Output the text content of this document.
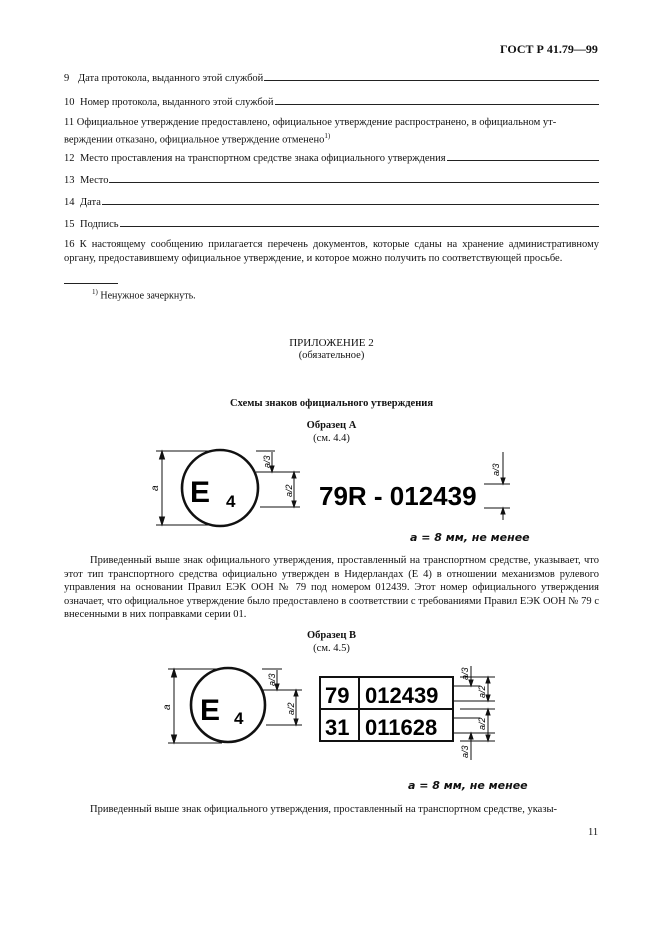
ГОСТ Р 41.79—99
9 Дата протокола, выданного этой службой
10 Номер протокола, выданного этой службой
11 Официальное утверждение предоставлено, официальное утверждение распространено, в официальном ут-
верждении отказано, официальное утверждение отменено$^{1)}$
12 Место проставления на транспортном средстве знака официального утверждения
13 Место
14 Дата
15 Подпись
16 К настоящему сообщению прилагается перечень документов, которые сданы на хранение административному органу, предоставившему официальное утверждение, и которое можно получить по соответствующей просьбе.
$^{1)}$ Ненужное зачеркнуть.
ПРИЛОЖЕНИЕ 2
(обязательное)
Схемы знаков официального утверждения
Образец А
(см. 4.4)
a E 4
a/3
a/2 79R - 012439
a/3
a = 8 мм, не менее
Приведенный выше знак официального утверждения, проставленный на транспортном средстве, указывает, что этот тип транспортного средства официально утвержден в Нидерландах (Е 4) в отношении механизмов рулевого управления на основании Правил ЕЭК ООН № 79 под номером 012439. Этот номер официального утверждения означает, что официальное утверждение было предоставлено в соответствии с требованиями Правил ЕЭК ООН № 79 с внесенными в них поправками серии 01.
Образец B
(см. 4.5)
a E 4
a/3
a/2
79 012439
31 011628
a/3
a/2
a/2
a/3
a = 8 мм, не менее
Приведенный выше знак официального утверждения, проставленный на транспортном средстве, указы-
11
